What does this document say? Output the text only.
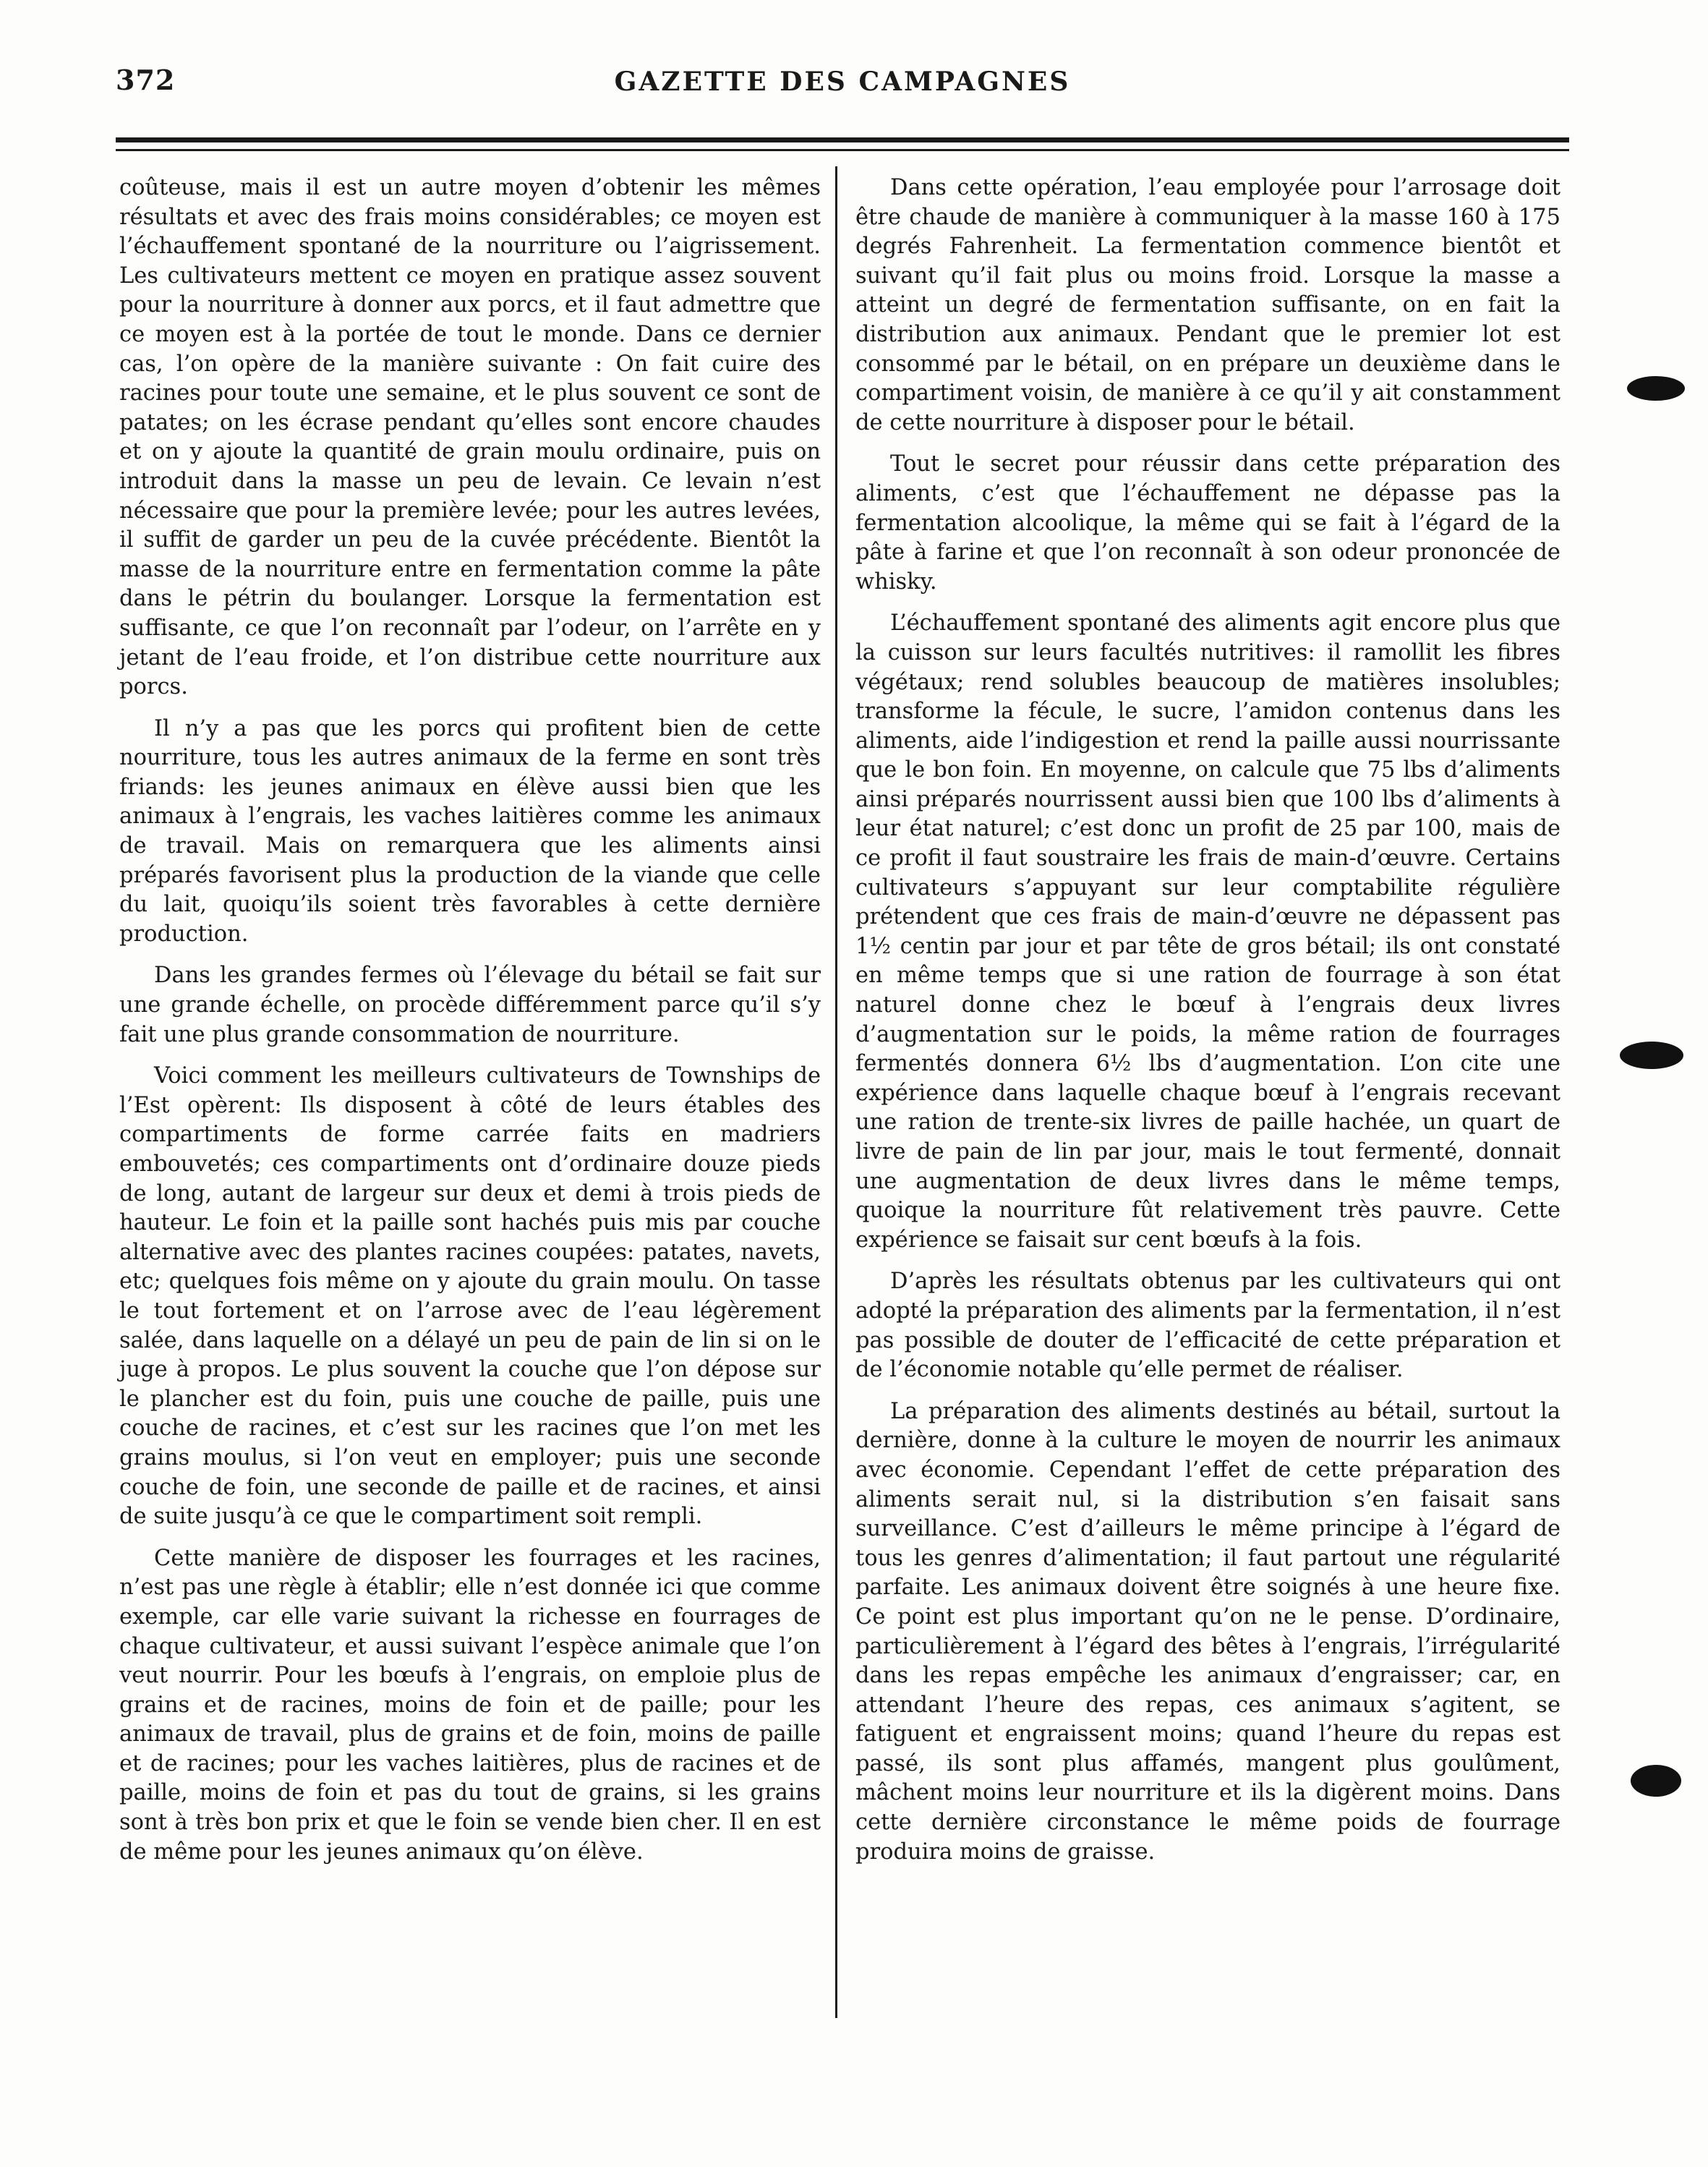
372	GAZETTE DES CAMPAGNES

coûteuse, mais il est un autre moyen d’obtenir les mêmes résultats et avec des frais moins considérables; ce moyen est l’échauffement spontané de la nourriture ou l’aigrissement. Les cultivateurs mettent ce moyen en pratique assez souvent pour la nourriture à donner aux porcs, et il faut admettre que ce moyen est à la portée de tout le monde. Dans ce dernier cas, l’on opère de la manière suivante : On fait cuire des racines pour toute une semaine, et le plus souvent ce sont de patates; on les écrase pendant qu’elles sont encore chaudes et on y ajoute la quantité de grain moulu ordinaire, puis on introduit dans la masse un peu de levain. Ce levain n’est nécessaire que pour la première levée; pour les autres levées, il suffit de garder un peu de la cuvée précédente. Bientôt la masse de la nourriture entre en fermentation comme la pâte dans le pétrin du boulanger. Lorsque la fermentation est suffisante, ce que l’on reconnaît par l’odeur, on l’arrête en y jetant de l’eau froide, et l’on distribue cette nourriture aux porcs.

Il n’y a pas que les porcs qui profitent bien de cette nourriture, tous les autres animaux de la ferme en sont très friands: les jeunes animaux en élève aussi bien que les animaux à l’engrais, les vaches laitières comme les animaux de travail. Mais on remarquera que les aliments ainsi préparés favorisent plus la production de la viande que celle du lait, quoiqu’ils soient très favorables à cette dernière production.

Dans les grandes fermes où l’élevage du bétail se fait sur une grande échelle, on procède différemment parce qu’il s’y fait une plus grande consommation de nourriture.

Voici comment les meilleurs cultivateurs de Townships de l’Est opèrent: Ils disposent à côté de leurs étables des compartiments de forme carrée faits en madriers embouvetés; ces compartiments ont d’ordinaire douze pieds de long, autant de largeur sur deux et demi à trois pieds de hauteur. Le foin et la paille sont hachés puis mis par couche alternative avec des plantes racines coupées: patates, navets, etc; quelques fois même on y ajoute du grain moulu. On tasse le tout fortement et on l’arrose avec de l’eau légèrement salée, dans laquelle on a délayé un peu de pain de lin si on le juge à propos. Le plus souvent la couche que l’on dépose sur le plancher est du foin, puis une couche de paille, puis une couche de racines, et c’est sur les racines que l’on met les grains moulus, si l’on veut en employer; puis une seconde couche de foin, une seconde de paille et de racines, et ainsi de suite jusqu’à ce que le compartiment soit rempli.

Cette manière de disposer les fourrages et les racines, n’est pas une règle à établir; elle n’est donnée ici que comme exemple, car elle varie suivant la richesse en fourrages de chaque cultivateur, et aussi suivant l’espèce animale que l’on veut nourrir. Pour les bœufs à l’engrais, on emploie plus de grains et de racines, moins de foin et de paille; pour les animaux de travail, plus de grains et de foin, moins de paille et de racines; pour les vaches laitières, plus de racines et de paille, moins de foin et pas du tout de grains, si les grains sont à très bon prix et que le foin se vende bien cher. Il en est de même pour les jeunes animaux qu’on élève.

Dans cette opération, l’eau employée pour l’arrosage doit être chaude de manière à communiquer à la masse 160 à 175 degrés Fahrenheit. La fermentation commence bientôt et suivant qu’il fait plus ou moins froid. Lorsque la masse a atteint un degré de fermentation suffisante, on en fait la distribution aux animaux. Pendant que le premier lot est consommé par le bétail, on en prépare un deuxième dans le compartiment voisin, de manière à ce qu’il y ait constamment de cette nourriture à disposer pour le bétail.

Tout le secret pour réussir dans cette préparation des aliments, c’est que l’échauffement ne dépasse pas la fermentation alcoolique, la même qui se fait à l’égard de la pâte à farine et que l’on reconnaît à son odeur prononcée de whisky.

L’échauffement spontané des aliments agit encore plus que la cuisson sur leurs facultés nutritives: il ramollit les fibres végétaux; rend solubles beaucoup de matières insolubles; transforme la fécule, le sucre, l’amidon contenus dans les aliments, aide l’indigestion et rend la paille aussi nourrissante que le bon foin. En moyenne, on calcule que 75 lbs d’aliments ainsi préparés nourrissent aussi bien que 100 lbs d’aliments à leur état naturel; c’est donc un profit de 25 par 100, mais de ce profit il faut soustraire les frais de main-d’œuvre. Certains cultivateurs s’appuyant sur leur comptabilite régulière prétendent que ces frais de main-d’œuvre ne dépassent pas 1½ centin par jour et par tête de gros bétail; ils ont constaté en même temps que si une ration de fourrage à son état naturel donne chez le bœuf à l’engrais deux livres d’augmentation sur le poids, la même ration de fourrages fermentés donnera 6½ lbs d’augmentation. L’on cite une expérience dans laquelle chaque bœuf à l’engrais recevant une ration de trente-six livres de paille hachée, un quart de livre de pain de lin par jour, mais le tout fermenté, donnait une augmentation de deux livres dans le même temps, quoique la nourriture fût relativement très pauvre. Cette expérience se faisait sur cent bœufs à la fois.

D’après les résultats obtenus par les cultivateurs qui ont adopté la préparation des aliments par la fermentation, il n’est pas possible de douter de l’efficacité de cette préparation et de l’économie notable qu’elle permet de réaliser.

La préparation des aliments destinés au bétail, surtout la dernière, donne à la culture le moyen de nourrir les animaux avec économie. Cependant l’effet de cette préparation des aliments serait nul, si la distribution s’en faisait sans surveillance. C’est d’ailleurs le même principe à l’égard de tous les genres d’alimentation; il faut partout une régularité parfaite. Les animaux doivent être soignés à une heure fixe. Ce point est plus important qu’on ne le pense. D’ordinaire, particulièrement à l’égard des bêtes à l’engrais, l’irrégularité dans les repas empêche les animaux d’engraisser; car, en attendant l’heure des repas, ces animaux s’agitent, se fatiguent et engraissent moins; quand l’heure du repas est passé, ils sont plus affamés, mangent plus goulûment, mâchent moins leur nourriture et ils la digèrent moins. Dans cette dernière circonstance le même poids de fourrage produira moins de graisse.
